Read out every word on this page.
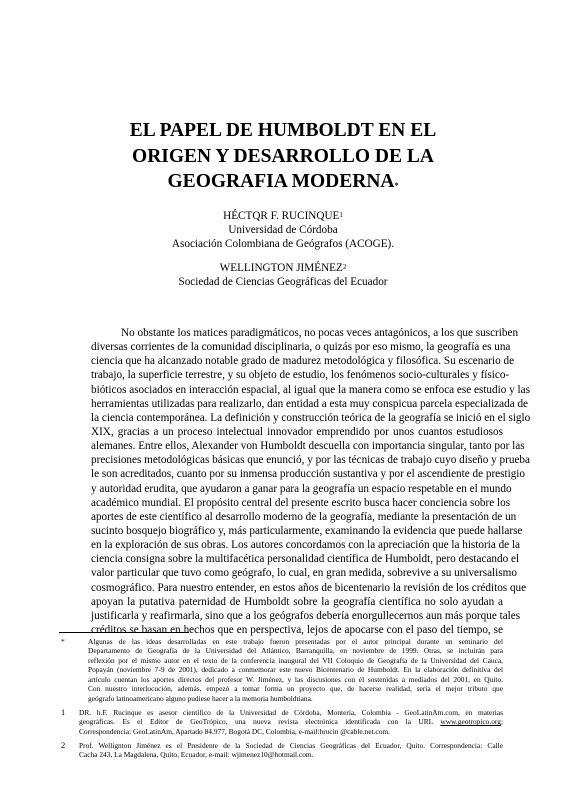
EL PAPEL DE HUMBOLDT EN EL
ORIGEN Y DESARROLLO DE LA
GEOGRAFIA MODERNA*
HÉCTQR F. RUCINQUE$^1$
Universidad de Córdoba
Asociación Colombiana de Geógrafos (ACOGE).
WELLINGTON JIMÉNEZ$^2$
Sociedad de Ciencias Geográficas del Ecuador
No obstante los matices paradigmáticos, no pocas veces antagónicos, a los que suscriben
diversas corrientes de la comunidad disciplinaria, o quizás por eso mismo, la geografía es una
ciencia que ha alcanzado notable grado de madurez metodológica y filosófica. Su escenario de
trabajo, la superficie terrestre, y su objeto de estudio, los fenómenos socio-culturales y físico-
bióticos asociados en interacción espacial, al igual que la manera como se enfoca ese estudio y las
herramientas utilizadas para realizarlo, dan entidad a esta muy conspicua parcela especializada de
la ciencia contemporánea. La definición y construcción teórica de la geografía se inició en el siglo
XIX, gracias a un proceso intelectual innovador emprendido por unos cuantos estudiosos
alemanes. Entre ellos, Alexander von Humboldt descuella con importancia singular, tanto por las
precisiones metodológicas básicas que enunció, y por las técnicas de trabajo cuyo diseño y prueba
le son acreditados, cuanto por su inmensa producción sustantiva y por el ascendiente de prestigio
y autoridad erudita, que ayudaron a ganar para la geografía un espacio respetable en el mundo
académico mundial. El propósito central del presente escrito busca hacer conciencia sobre los
aportes de este científico al desarrollo moderno de la geografía, mediante la presentación de un
sucinto bosquejo biográfico y, más particularmente, examinando la evidencia que puede hallarse
en la exploración de sus obras. Los autores concordamos con la apreciación que la historia de la
ciencia consigna sobre la multifacética personalidad científica de Humboldt, pero destacando el
valor particular que tuvo como geógrafo, lo cual, en gran medida, sobrevive a su universalismo
cosmográfico. Para nuestro entender, en estos años de bicentenario la revisión de los créditos que
apoyan la putativa paternidad de Humboldt sobre la geografía científica no solo ayudan a
justificarla y reafirmarla, sino que a los geógrafos debería enorgullecernos aun más porque tales
créditos se basan en hechos que en perspectiva, lejos de apocarse con el paso del tiempo, se
*	Algunas de las ideas desarrolladas en este trabajo fueron presentadas por el autor principal durante un seminario del
Departamento de Geografía de la Universidad del Atlántico, Barranquilla, en noviembre de 1999. Otras, se incluirán para
reflexión por el mismo autor en el texto de la conferencia inaugural del VII Coloquio de Geografía de la Universidad del Cauca,
Popayán (noviembre 7-9 de 2001), dedicado a conmemorar este nuevo Bicentenario de Humboldt. En la elaboración definitiva del
artículo cuentan los aportes directos del profesor W. Jiménez, y las discusiones con él sostenidas a mediados del 2001, en Quito.
Con nuestro interlocución, además, empezó a tomar forma un proyecto que, de hacerse realidad, sería el mejor tributo que
geógrafo latinoamericano alguno pudiese hacer a la memoria humboldtiana.
1 DR. h.F. Rucinque es asesor científico de la Universidad de Córdoba, Montería, Colombia - GeoLatinAm.com, en materias
geográficas. Es el Editor de GeoTrópico, una nueva revista electrónica identificada con la URL www.geotropico.org;
Correspondencia: GeoLatinAm, Apartado 84.977, Bogotá DC, Colombia, e-mail:hrucin @cable.net.com.
2 Prof. Wellignton Jiménez es el Presidente de la Sociedad de Ciencias Geográficas del Ecuador, Quito. Correspondencia: Calle
Cacha 243, La Magdalena, Quito, Ecuador, e-mail: wjimenez10@hotmail.com.
